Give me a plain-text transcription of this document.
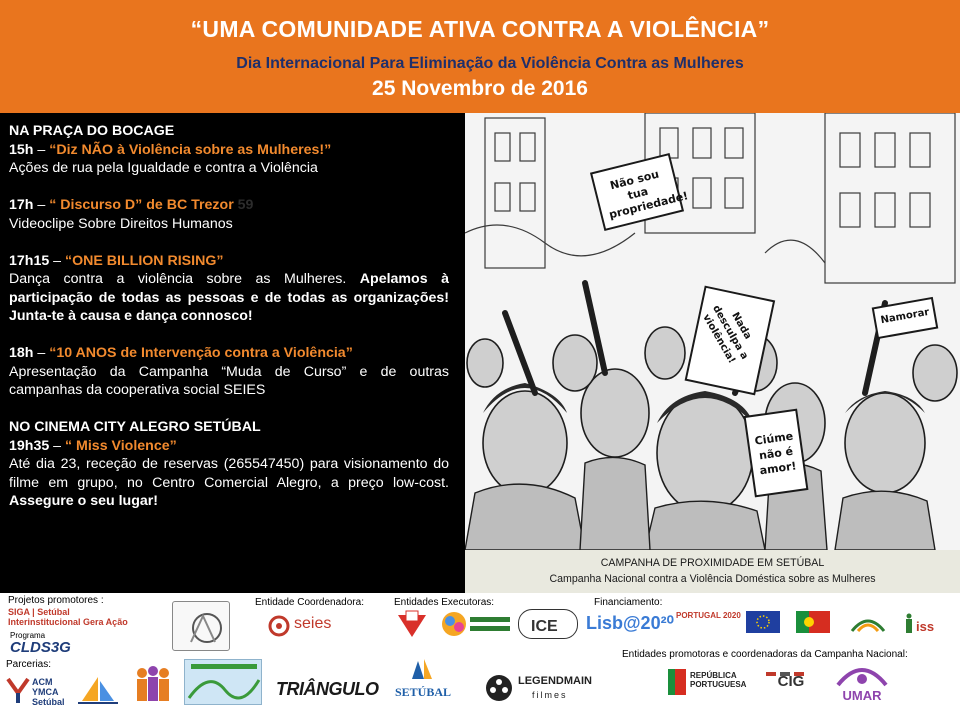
“UMA COMUNIDADE ATIVA CONTRA A VIOLÊNCIA”
Dia Internacional Para Eliminação da Violência Contra as Mulheres
25 Novembro de 2016
NA PRAÇA DO BOCAGE
15h – “Diz NÃO à Violência sobre as Mulheres!”
Ações de rua pela Igualdade e contra a Violência
17h – “ Discurso D” de BC Trezor 59
Videoclipe Sobre Direitos Humanos
17h15 – “ONE BILLION RISING”
Dança contra a violência sobre as Mulheres. Apelamos à participação de todas as pessoas e de todas as organizações! Junta-te à causa e dança connosco!
18h – “10 ANOS de Intervenção contra a Violência”
Apresentação da Campanha “Muda de Curso” e de outras campanhas da cooperativa social SEIES
NO CINEMA CITY ALEGRO SETÚBAL
19h35 – “ Miss Violence”
Até dia 23, receção de reservas (265547450) para visionamento do filme em grupo, no Centro Comercial Alegro, a preço low-cost. Assegure o seu lugar!
Não sou tua propriedade!
Nada desculpa a violência!	Namorar
Ciúme não é amor!
CAMPANHA DE PROXIMIDADE EM SETÚBAL
Campanha Nacional contra a Violência Doméstica sobre as Mulheres
Projetos promotores :
SIGA | Setúbal
Interinstitucional Gera Ação
Programa
CLDS3G
Entidade Coordenadora:
seies
Entidades Executoras:
ICE
Financiamento:
Lisb@20²⁰ PORTUGAL 2020
iss
Parcerias:
ACM YMCA Setúbal
TRIÂNGULO	SETÚBAL
LEGENDMAIN
filmes
Entidades promotoras e coordenadoras da Campanha Nacional:
REPÚBLICA PORTUGUESA	CIG
UMAR
